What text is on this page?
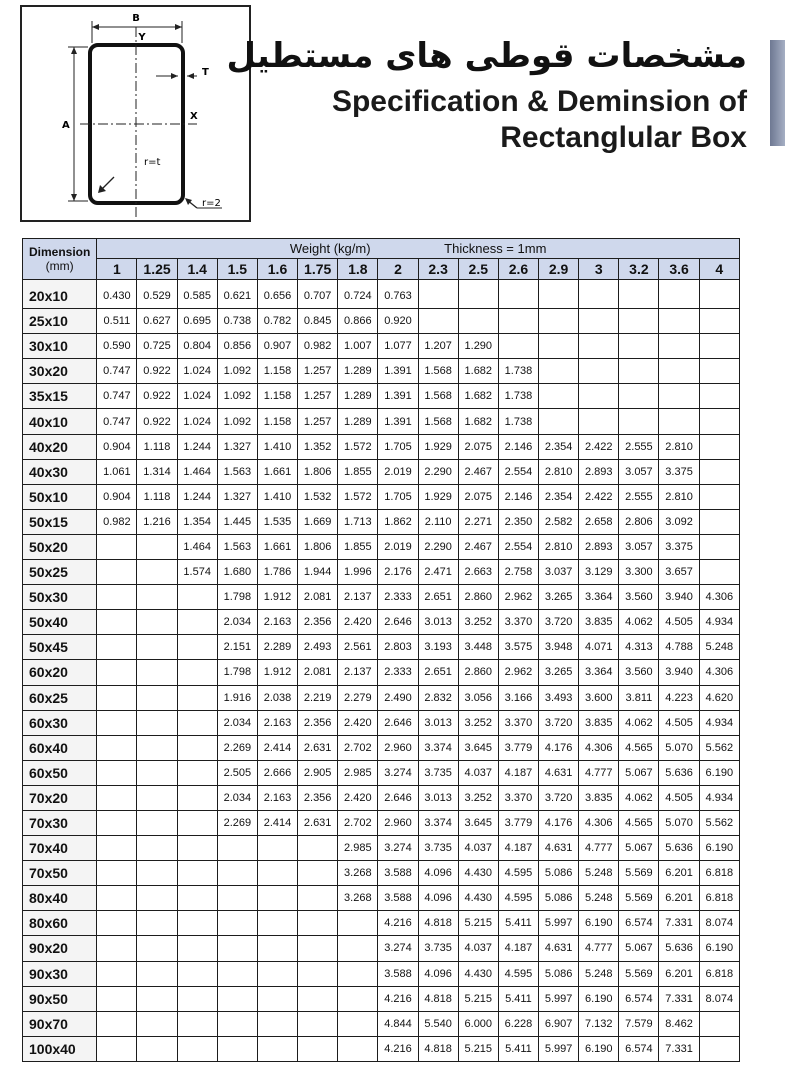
B
Y
T
A
X
r=t
r=2
مشخصات قوطی های مستطیل
Specification & Deminsion of
Rectanglular Box
Dimension
(mm)	Weight (kg/m) Thickness = 1mm															
	1	1.25	1.4	1.5	1.6	1.75	1.8	2	2.3	2.5	2.6	2.9	3	3.2	3.6	4
20x10	0.430	0.529	0.585	0.621	0.656	0.707	0.724	0.763								
25x10	0.511	0.627	0.695	0.738	0.782	0.845	0.866	0.920								
30x10	0.590	0.725	0.804	0.856	0.907	0.982	1.007	1.077	1.207	1.290						
30x20	0.747	0.922	1.024	1.092	1.158	1.257	1.289	1.391	1.568	1.682	1.738					
35x15	0.747	0.922	1.024	1.092	1.158	1.257	1.289	1.391	1.568	1.682	1.738					
40x10	0.747	0.922	1.024	1.092	1.158	1.257	1.289	1.391	1.568	1.682	1.738					
40x20	0.904	1.118	1.244	1.327	1.410	1.352	1.572	1.705	1.929	2.075	2.146	2.354	2.422	2.555	2.810	
40x30	1.061	1.314	1.464	1.563	1.661	1.806	1.855	2.019	2.290	2.467	2.554	2.810	2.893	3.057	3.375	
50x10	0.904	1.118	1.244	1.327	1.410	1.532	1.572	1.705	1.929	2.075	2.146	2.354	2.422	2.555	2.810	
50x15	0.982	1.216	1.354	1.445	1.535	1.669	1.713	1.862	2.110	2.271	2.350	2.582	2.658	2.806	3.092	
50x20			1.464	1.563	1.661	1.806	1.855	2.019	2.290	2.467	2.554	2.810	2.893	3.057	3.375	
50x25			1.574	1.680	1.786	1.944	1.996	2.176	2.471	2.663	2.758	3.037	3.129	3.300	3.657	
50x30				1.798	1.912	2.081	2.137	2.333	2.651	2.860	2.962	3.265	3.364	3.560	3.940	4.306
50x40				2.034	2.163	2.356	2.420	2.646	3.013	3.252	3.370	3.720	3.835	4.062	4.505	4.934
50x45				2.151	2.289	2.493	2.561	2.803	3.193	3.448	3.575	3.948	4.071	4.313	4.788	5.248
60x20				1.798	1.912	2.081	2.137	2.333	2.651	2.860	2.962	3.265	3.364	3.560	3.940	4.306
60x25				1.916	2.038	2.219	2.279	2.490	2.832	3.056	3.166	3.493	3.600	3.811	4.223	4.620
60x30				2.034	2.163	2.356	2.420	2.646	3.013	3.252	3.370	3.720	3.835	4.062	4.505	4.934
60x40				2.269	2.414	2.631	2.702	2.960	3.374	3.645	3.779	4.176	4.306	4.565	5.070	5.562
60x50				2.505	2.666	2.905	2.985	3.274	3.735	4.037	4.187	4.631	4.777	5.067	5.636	6.190
70x20				2.034	2.163	2.356	2.420	2.646	3.013	3.252	3.370	3.720	3.835	4.062	4.505	4.934
70x30				2.269	2.414	2.631	2.702	2.960	3.374	3.645	3.779	4.176	4.306	4.565	5.070	5.562
70x40							2.985	3.274	3.735	4.037	4.187	4.631	4.777	5.067	5.636	6.190
70x50							3.268	3.588	4.096	4.430	4.595	5.086	5.248	5.569	6.201	6.818
80x40							3.268	3.588	4.096	4.430	4.595	5.086	5.248	5.569	6.201	6.818
80x60								4.216	4.818	5.215	5.411	5.997	6.190	6.574	7.331	8.074
90x20								3.274	3.735	4.037	4.187	4.631	4.777	5.067	5.636	6.190
90x30								3.588	4.096	4.430	4.595	5.086	5.248	5.569	6.201	6.818
90x50								4.216	4.818	5.215	5.411	5.997	6.190	6.574	7.331	8.074
90x70								4.844	5.540	6.000	6.228	6.907	7.132	7.579	8.462	
100x40								4.216	4.818	5.215	5.411	5.997	6.190	6.574	7.331	
